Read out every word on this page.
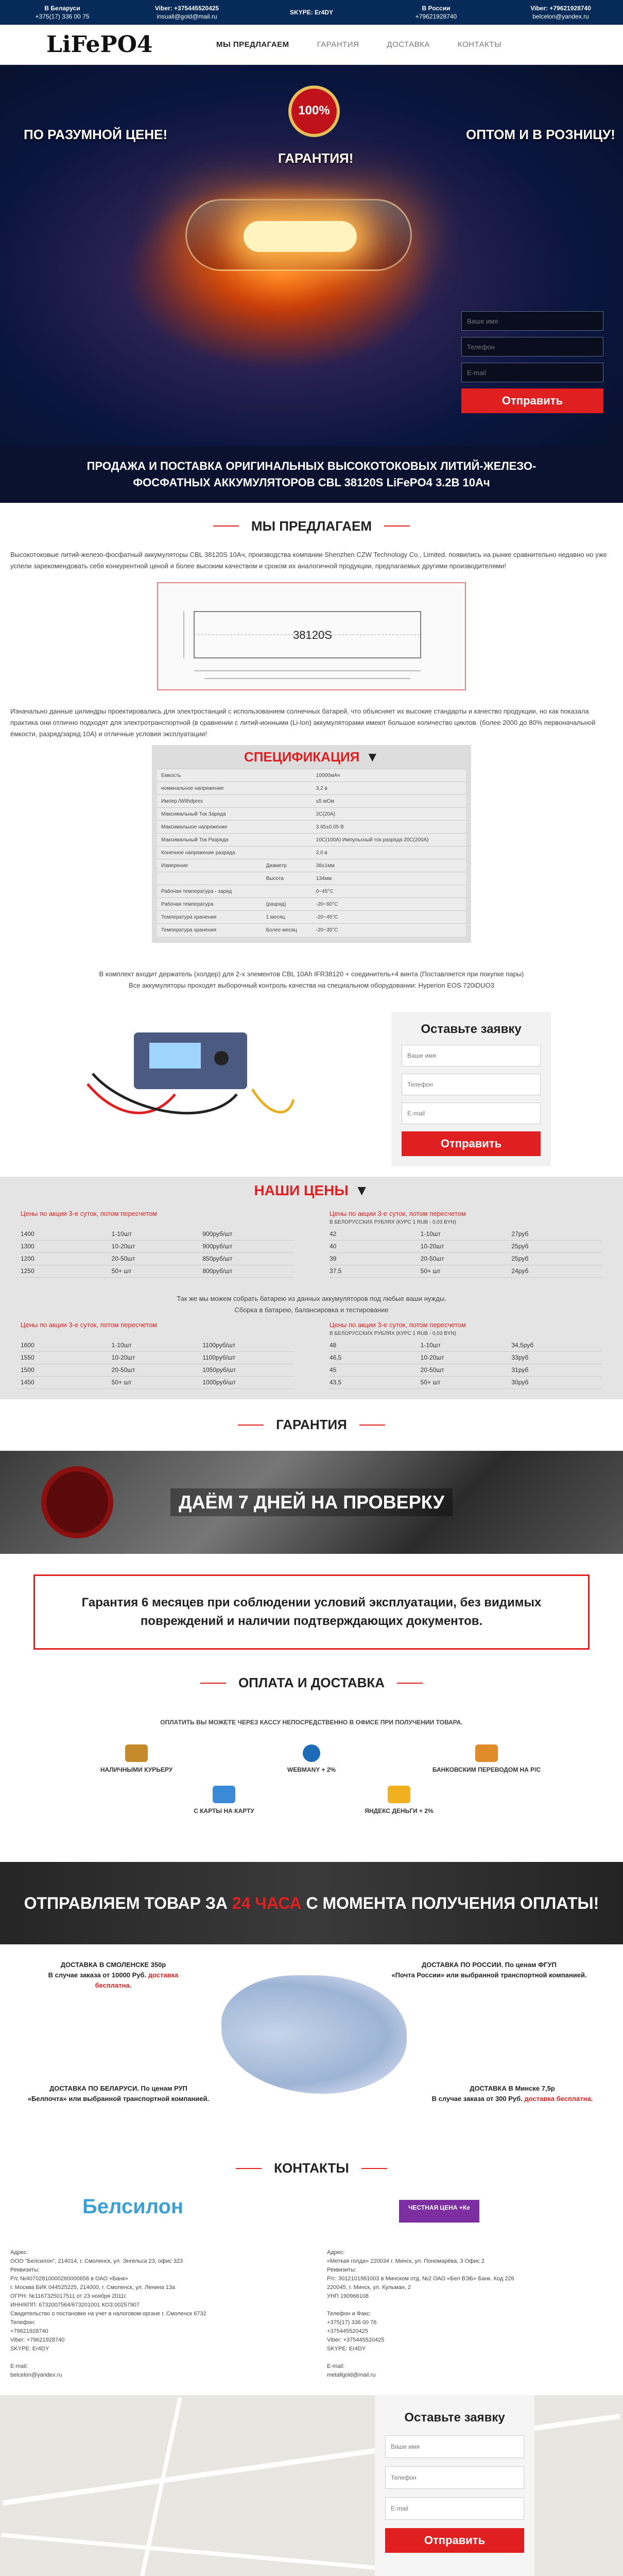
В Беларуси
+375(17) 336 00 75
Viber: +375445520425
insuall@gold@mail.ru
SKYPE: Er4DY
В России
+79621928740
Viber: +79621928740
belcelon@yandex.ru
LiFePO4	МЫ ПРЕДЛАГАЕМ	ГАРАНТИЯ	ДОСТАВКА	КОНТАКТЫ
ПО РАЗУМНОЙ ЦЕНЕ!
100%
ГАРАНТИЯ!
ОПТОМ И В РОЗНИЦУ!
Ваше имя
Телефон
E-mail Отправить
ПРОДАЖА И ПОСТАВКА ОРИГИНАЛЬНЫХ ВЫСОКОТОКОВЫХ ЛИТИЙ-ЖЕЛЕЗО-ФОСФАТНЫХ АККУМУЛЯТОРОВ CBL 38120S LiFePO4 3.2В 10Ач
МЫ ПРЕДЛАГАЕМ
Высокотоковые литий-железо-фосфатный аккумуляторы CBL 38120S 10Ач, производства компании Shenzhen CZW Technology Co., Limited. появились на рынке сравнительно недавно но уже успели зарекомендовать себя конкурентной ценой и более высоким качеством и сроком их аналогичной продукции, предлагаемых другими производителями!
38120S
Изначально данные цилиндры проектировались для электростанций с использованием солнечных батарей, что объясняет их высокие стандарты и качество продукции, но как показала практика они отлично подходят для электротранспортной (в сравнении с литий-ионными (Li-Ion) аккумуляторами имеют большое количество циклов. (более 2000 до 80% первоначальной ёмкости, разряд/заряд 10А) и отличные условия эксплуатации!
СПЕЦИФИКАЦИЯ ▼
Емкость		10000мАч
номинальное напряжение		3,2 в
Импер./Withdpres		≤5 мОм
Максимальный Ток Заряда		2C(20A)
Максимальное напряжение		3.65±0.05 В
Максимальный Ток Разряда		10C(100A) Импульсный ток разряда 20C(200A)
Конечное напряжение разряда		2,0 в
Измерение	Диаметр	38±1мм
	Высота	134мм
Рабочая температура - заряд		0~45°C
Рабочая температура	(разряд)	-20~60°C
Температура хранения	1 месяц	-20~45°C
Температура хранения	Более месяц	-20~35°C
В комплект входит держатель (холдер) для 2-х элементов CBL 10Ah IFR38120 + соединитель+4 винта (Поставляется при покупке пары)
Все аккумуляторы проходят выборочный контроль качества на специальном оборудовании: Hyperion EOS 720iDUO3
Оставьте заявку
Ваше имя
Телефон
E-mail Отправить
НАШИ ЦЕНЫ ▼
Цены по акции 3-е суток, потом пересчетом
1400	1-10шт	900руб/шт
1300	10-20шт	900руб/шт
1200	20-50шт	850руб/шт
1250	50+ шт	800руб/шт
Цены по акции 3-е суток, потом пересчетом
В БЕЛОРУССКИХ РУБЛЯХ (КУРС 1 RUB - 0,03 BYN)
42	1-10шт	27руб
40	10-20шт	25руб
39	20-50шт	25руб
37.5	50+ шт	24руб
Так же мы можем собрать батарею из данных аккумуляторов под любые ваши нужды.
Сборка в батарею, балансировка и тестирование
Цены по акции 3-е суток, потом пересчетом
1600	1-10шт	1100руб/шт
1550	10-20шт	1100руб/шт
1500	20-50шт	1050руб/шт
1450	50+ шт	1000руб/шт
Цены по акции 3-е суток, потом пересчетом
В БЕЛОРУССКИХ РУБЛЯХ (КУРС 1 RUB - 0,03 BYN)
48	1-10шт	34,5руб
46,5	10-20шт	33руб
45	20-50шт	31руб
43,5	50+ шт	30руб
ГАРАНТИЯ
ДАЁМ 7 ДНЕЙ НА ПРОВЕРКУ
Гарантия 6 месяцев при соблюдении условий эксплуатации, без видимых повреждений и наличии подтверждающих документов.
ОПЛАТА И ДОСТАВКА
ОПЛАТИТЬ ВЫ МОЖЕТЕ ЧЕРЕЗ КАССУ НЕПОСРЕДСТВЕННО В ОФИСЕ ПРИ ПОЛУЧЕНИИ ТОВАРА.
НАЛИЧНЫМИ КУРЬЕРУ	WEBMANY + 2%	БАНКОВСКИМ ПЕРЕВОДОМ НА Р/С
С КАРТЫ НА КАРТУ	ЯНДЕКС ДЕНЬГИ + 2%
ОТПРАВЛЯЕМ ТОВАР ЗА 24 ЧАСА С МОМЕНТА ПОЛУЧЕНИЯ ОПЛАТЫ!
ДОСТАВКА В СМОЛЕНСКЕ 350р
В случае заказа от 10000 Руб. доставка бесплатна.
ДОСТАВКА ПО РОССИИ. По ценам ФГУП
«Почта России» или выбранной транспортной компанией.
ДОСТАВКА ПО БЕЛАРУСИ. По ценам РУП
«Белпочта» или выбранной транспортной компанией.
ДОСТАВКА В Минске 7,5р
В случае заказа от 300 Руб. доставка бесплатна.
КОНТАКТЫ
Белсилон	ЧЕСТНАЯ ЦЕНА +Кe
Адрес:
ООО "Белсилон", 214014, г. Смоленск, ул. Энгельса 23, офис 323
Реквизиты:
Р/с №40702810000260000656 в ОАО «Банк»
г. Москва БИК 044525225, 214000, г. Смоленск, ул. Ленина 13а
ОГРН: №1167325017511 от 23 ноября 2011г.
ИНН/КПП: 6732007564/673201001 КОЗ:00257907
Свидетельство о постановке на учет в налоговом органе г. Смоленск 6732
Телефон:
+79621928740
Viber: +79621928740
SKYPE: Er4DY

E-mail:
belcelon@yandex.ru
Адрес:
«Меткая голда» 220034 г. Минск, ул. Пономарёва, 3 Офис 2
Реквизиты:
Р/с: 3012101981003 в Минском отд. №2 ОАО «Бел ВЭБ» Банк. Код 226
220045, г. Минск, ул. Кульман, 2
УНП 190966108

Телефон и Факс:
+375(17) 336 00 76
+375445520425
Viber: +375445520425
SKYPE: Er4DY

E-mail:
metallgold@mail.ru
Оставьте заявку
Ваше имя
Телефон
E-mail Отправить
